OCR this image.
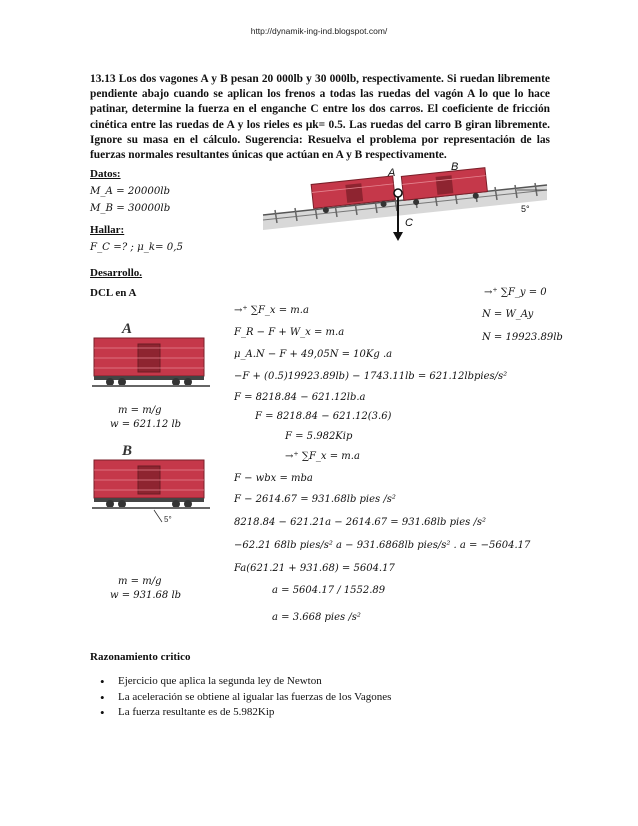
http://dynamik-ing-ind.blogspot.com/
13.13 Los dos vagones A y B pesan 20 000lb y 30 000lb, respectivamente. Si ruedan libremente pendiente abajo cuando se aplican los frenos a todas las ruedas del vagón A lo que lo hace patinar, determine la fuerza en el enganche C entre los dos carros. El coeficiente de fricción cinética entre las ruedas de A y los rieles es μk= 0.5. Las ruedas del carro B giran libremente. Ignore su masa en el cálculo. Sugerencia: Resuelva el problema por representación de las fuerzas normales resultantes únicas que actúan en A y B respectivamente.
A	B
C
5°
Datos:
M_A = 20000lb
M_B = 30000lb
Hallar:
F_C =? ; μ_k= 0,5
Desarrollo.
DCL en A	→⁺ ∑F_y = 0
N = W_Ay
N = 19923.89lb
→⁺ ∑F_x = m.a
F_R − F + W_x = m.a
μ_A.N − F + 49,05N = 10Kg .a
−F + (0.5)19923.89lb) − 1743.11lb = 621.12lbpies/s²
F = 8218.84 − 621.12lb.a
F = 8218.84 − 621.12(3.6)
F = 5.982Kip
→⁺ ∑F_x = m.a
F − wbx = mba
F − 2614.67 = 931.68lb pies /s²
8218.84 − 621.21a − 2614.67 = 931.68lb pies /s²
−62.21 68lb pies/s² a − 931.6868lb pies/s² . a = −5604.17
Fa(621.21 + 931.68) = 5604.17
a = 5604.17 / 1552.89
a = 3.668 pies /s²
A
m = m/g
w = 621.12 lb
B
5°
m = m/g
w = 931.68 lb
Razonamiento critico
• Ejercicio que aplica la segunda ley de Newton
• La aceleración se obtiene al igualar las fuerzas de los Vagones
• La fuerza resultante es de 5.982Kip
